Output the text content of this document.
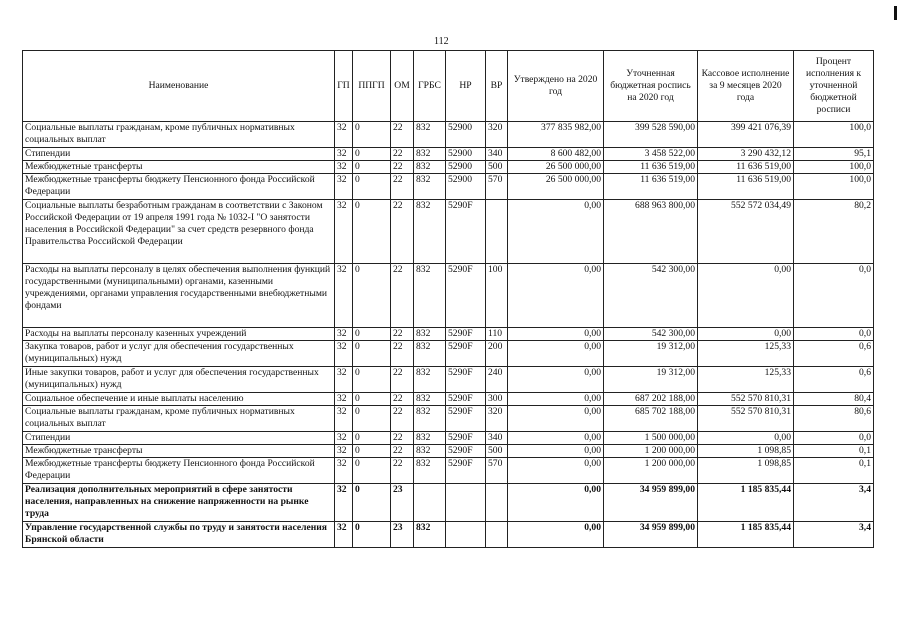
112
Наименование	ГП	ППГП	ОМ	ГРБС	НР	ВР	Утверждено на 2020 год	Уточненная бюджетная роспись на 2020 год	Кассовое исполнение за 9 месяцев 2020 года	Процент исполнения к уточненной бюджетной росписи
Социальные выплаты гражданам, кроме публичных нормативных социальных выплат	32	0	22	832	52900	320	377 835 982,00	399 528 590,00	399 421 076,39	100,0
Стипендии	32	0	22	832	52900	340	8 600 482,00	3 458 522,00	3 290 432,12	95,1
Межбюджетные трансферты	32	0	22	832	52900	500	26 500 000,00	11 636 519,00	11 636 519,00	100,0
Межбюджетные трансферты бюджету Пенсионного фонда Российской Федерации	32	0	22	832	52900	570	26 500 000,00	11 636 519,00	11 636 519,00	100,0
Социальные выплаты безработным гражданам в соответствии с Законом Российской Федерации от 19 апреля 1991 года № 1032-I "О занятости населения в Российской Федерации" за счет средств резервного фонда Правительства Российской Федерации	32	0	22	832	5290F		0,00	688 963 800,00	552 572 034,49	80,2
Расходы на выплаты персоналу в целях обеспечения выполнения функций государственными (муниципальными) органами, казенными учреждениями, органами управления государственными внебюджетными фондами	32	0	22	832	5290F	100	0,00	542 300,00	0,00	0,0
Расходы на выплаты персоналу казенных учреждений	32	0	22	832	5290F	110	0,00	542 300,00	0,00	0,0
Закупка товаров, работ и услуг для обеспечения государственных (муниципальных) нужд	32	0	22	832	5290F	200	0,00	19 312,00	125,33	0,6
Иные закупки товаров, работ и услуг для обеспечения государственных (муниципальных) нужд	32	0	22	832	5290F	240	0,00	19 312,00	125,33	0,6
Социальное обеспечение и иные выплаты населению	32	0	22	832	5290F	300	0,00	687 202 188,00	552 570 810,31	80,4
Социальные выплаты гражданам, кроме публичных нормативных социальных выплат	32	0	22	832	5290F	320	0,00	685 702 188,00	552 570 810,31	80,6
Стипендии	32	0	22	832	5290F	340	0,00	1 500 000,00	0,00	0,0
Межбюджетные трансферты	32	0	22	832	5290F	500	0,00	1 200 000,00	1 098,85	0,1
Межбюджетные трансферты бюджету Пенсионного фонда Российской Федерации	32	0	22	832	5290F	570	0,00	1 200 000,00	1 098,85	0,1
Реализация дополнительных мероприятий в сфере занятости населения, направленных на снижение напряженности на рынке труда	32	0	23				0,00	34 959 899,00	1 185 835,44	3,4
Управление государственной службы по труду и занятости населения Брянской области	32	0	23	832			0,00	34 959 899,00	1 185 835,44	3,4
